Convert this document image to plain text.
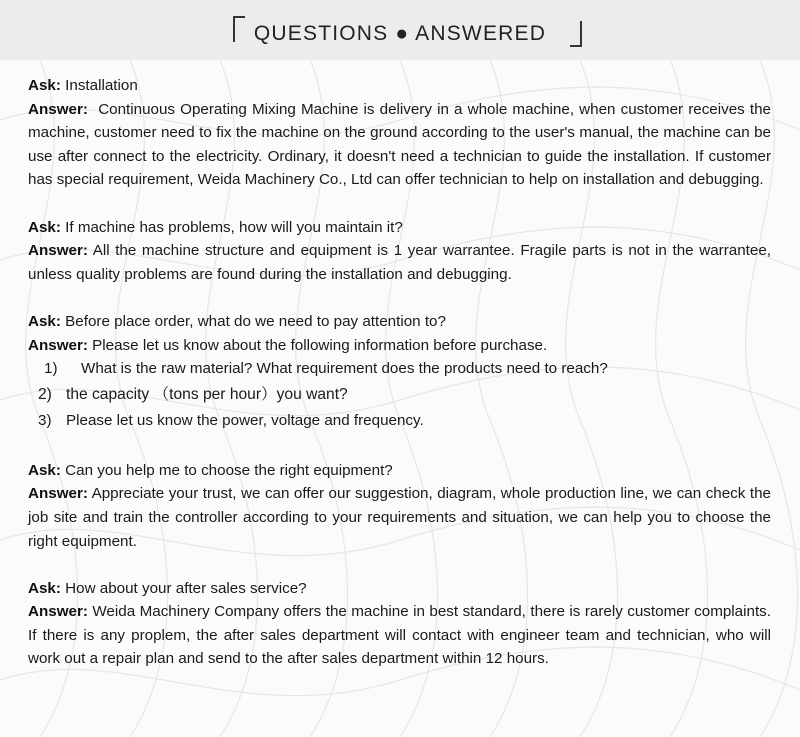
QUESTIONS ● ANSWERED
Ask: Installation
Answer: Continuous Operating Mixing Machine is delivery in a whole machine, when customer receives the machine, customer need to fix the machine on the ground according to the user's manual, the machine can be use after connect to the electricity. Ordinary, it doesn't need a technician to guide the installation. If customer has special requirement, Weida Machinery Co., Ltd can offer technician to help on installation and debugging.
Ask: If machine has problems, how will you maintain it?
Answer: All the machine structure and equipment is 1 year warrantee. Fragile parts is not in the warrantee, unless quality problems are found during the installation and debugging.
Ask: Before place order, what do we need to pay attention to?
Answer: Please let us know about the following information before purchase.
1)	What is the raw material? What requirement does the products need to reach?
2) the capacity （tons per hour）you want?
3) Please let us know the power, voltage and frequency.
Ask: Can you help me to choose the right equipment?
Answer: Appreciate your trust, we can offer our suggestion, diagram, whole production line, we can check the job site and train the controller according to your requirements and situation, we can help you to choose the right equipment.
Ask: How about your after sales service?
Answer: Weida Machinery Company offers the machine in best standard, there is rarely customer complaints. If there is any proplem, the after sales department will contact with engineer team and technician, who will work out a repair plan and send to the after sales department within 12 hours.
